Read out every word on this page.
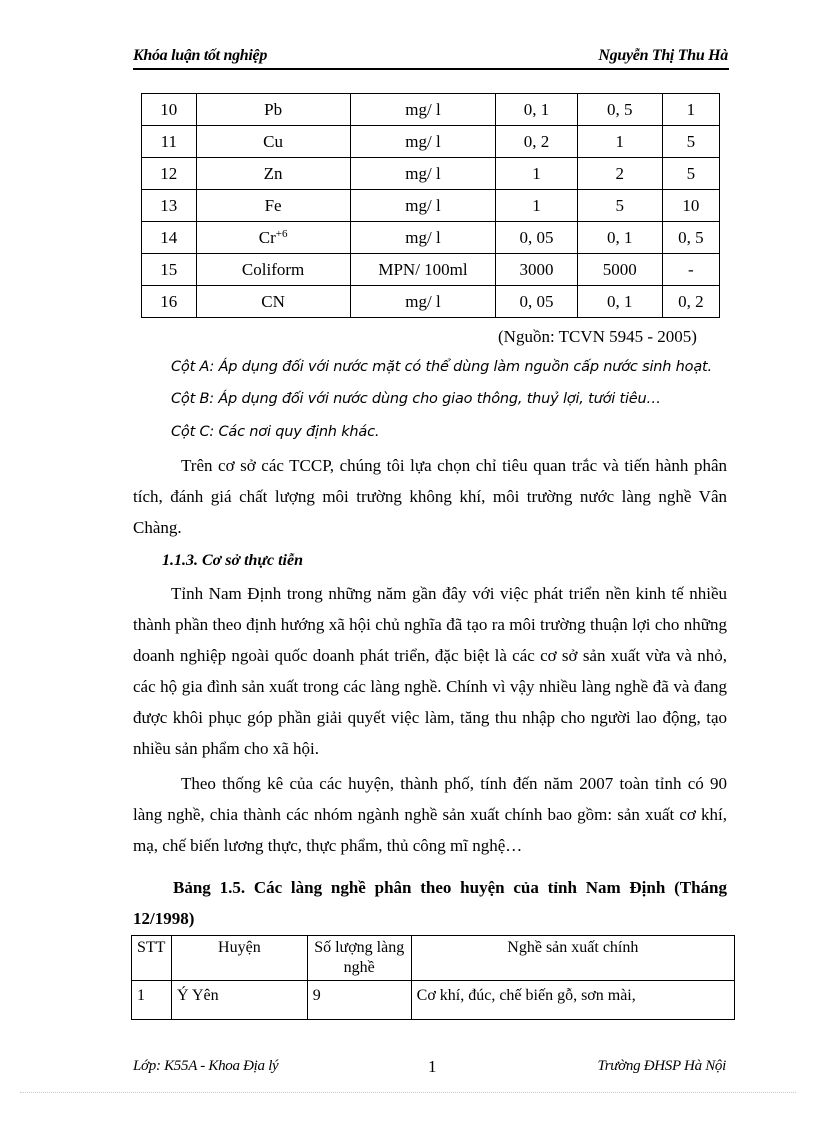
Khóa luận tốt nghiệp	Nguyễn Thị Thu Hà
10	Pb	mg/ l	0, 1	0, 5	1
11	Cu	mg/ l	0, 2	1	5
12	Zn	mg/ l	1	2	5
13	Fe	mg/ l	1	5	10
14	$Cr^{+6}$	mg/ l	0, 05	0, 1	0, 5
15	Coliform	MPN/ 100ml	3000	5000	-
16	CN	mg/ l	0, 05	0, 1	0, 2
(Nguồn: TCVN 5945 - 2005)
Cột A: Áp dụng đối với nước mặt có thể dùng làm nguồn cấp nước sinh hoạt.
Cột B: Áp dụng đối với nước dùng cho giao thông, thuỷ lợi, tưới tiêu…
Cột C: Các nơi quy định khác.

Trên cơ sở các TCCP, chúng tôi lựa chọn chỉ tiêu quan trắc và tiến hành phân tích, đánh giá chất lượng môi trường không khí, môi trường nước làng nghề Vân Chàng.

1.1.3. Cơ sở thực tiễn

Tỉnh Nam Định trong những năm gần đây với việc phát triển nền kinh tế nhiều thành phần theo định hướng xã hội chủ nghĩa đã tạo ra môi trường thuận lợi cho những doanh nghiệp ngoài quốc doanh phát triển, đặc biệt là các cơ sở sản xuất vừa và nhỏ, các hộ gia đình sản xuất trong các làng nghề. Chính vì vậy nhiều làng nghề đã và đang được khôi phục góp phần giải quyết việc làm, tăng thu nhập cho người lao động, tạo nhiều sản phẩm cho xã hội.

Theo thống kê của các huyện, thành phố, tính đến năm 2007 toàn tỉnh có 90 làng nghề, chia thành các nhóm ngành nghề sản xuất chính bao gồm: sản xuất cơ khí, mạ, chế biến lương thực, thực phẩm, thủ công mĩ nghệ…

Bảng 1.5. Các làng nghề phân theo huyện của tỉnh Nam Định (Tháng 12/1998)

STT	Huyện	Số lượng làng nghề	Nghề sản xuất chính
1	Ý Yên	9	Cơ khí, đúc, chế biến gỗ, sơn mài,
Lớp: K55A - Khoa Địa lý	1	Trường ĐHSP Hà Nội
